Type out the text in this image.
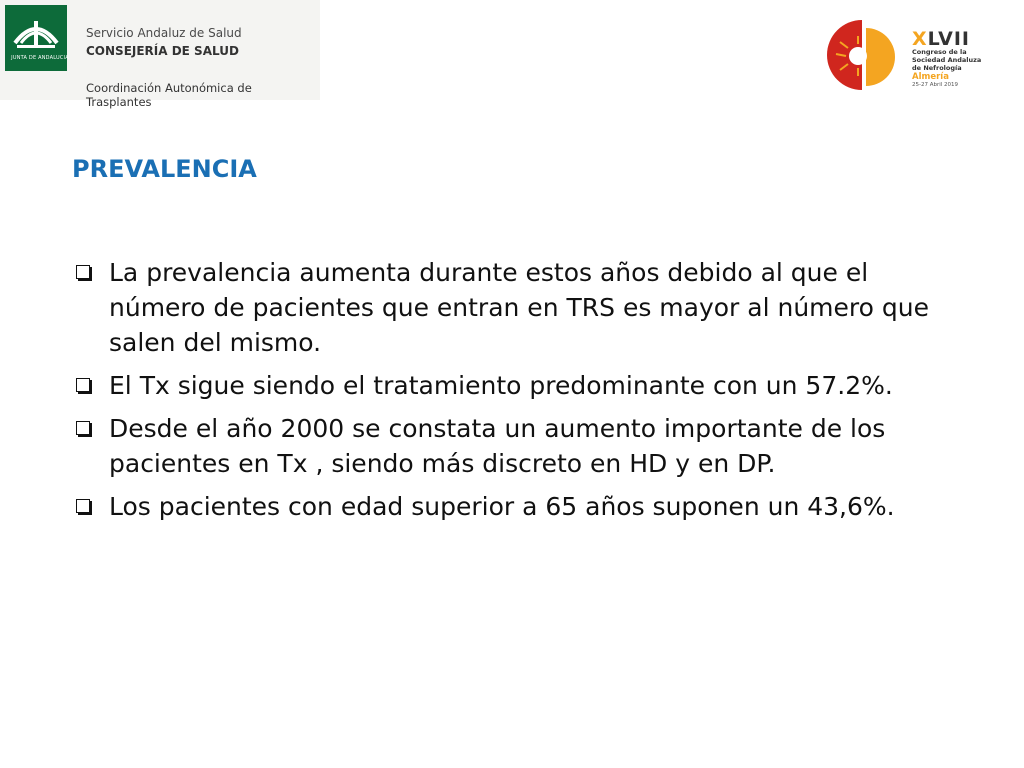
JUNTA DE ANDALUCIA
Servicio Andaluz de Salud
CONSEJERÍA DE SALUD
Coordinación Autonómica de Trasplantes
XLVII
Congreso de la
Sociedad Andaluza
de Nefrología
Almería
25-27 Abril 2019
PREVALENCIA
La prevalencia aumenta durante estos años debido al que el número de pacientes que entran en TRS es mayor al número que salen del mismo.
El Tx sigue siendo el tratamiento predominante con un 57.2%.
Desde el año 2000 se constata un aumento importante de los pacientes en Tx , siendo más discreto en HD y en DP.
Los pacientes con edad superior a 65 años suponen un 43,6%.
